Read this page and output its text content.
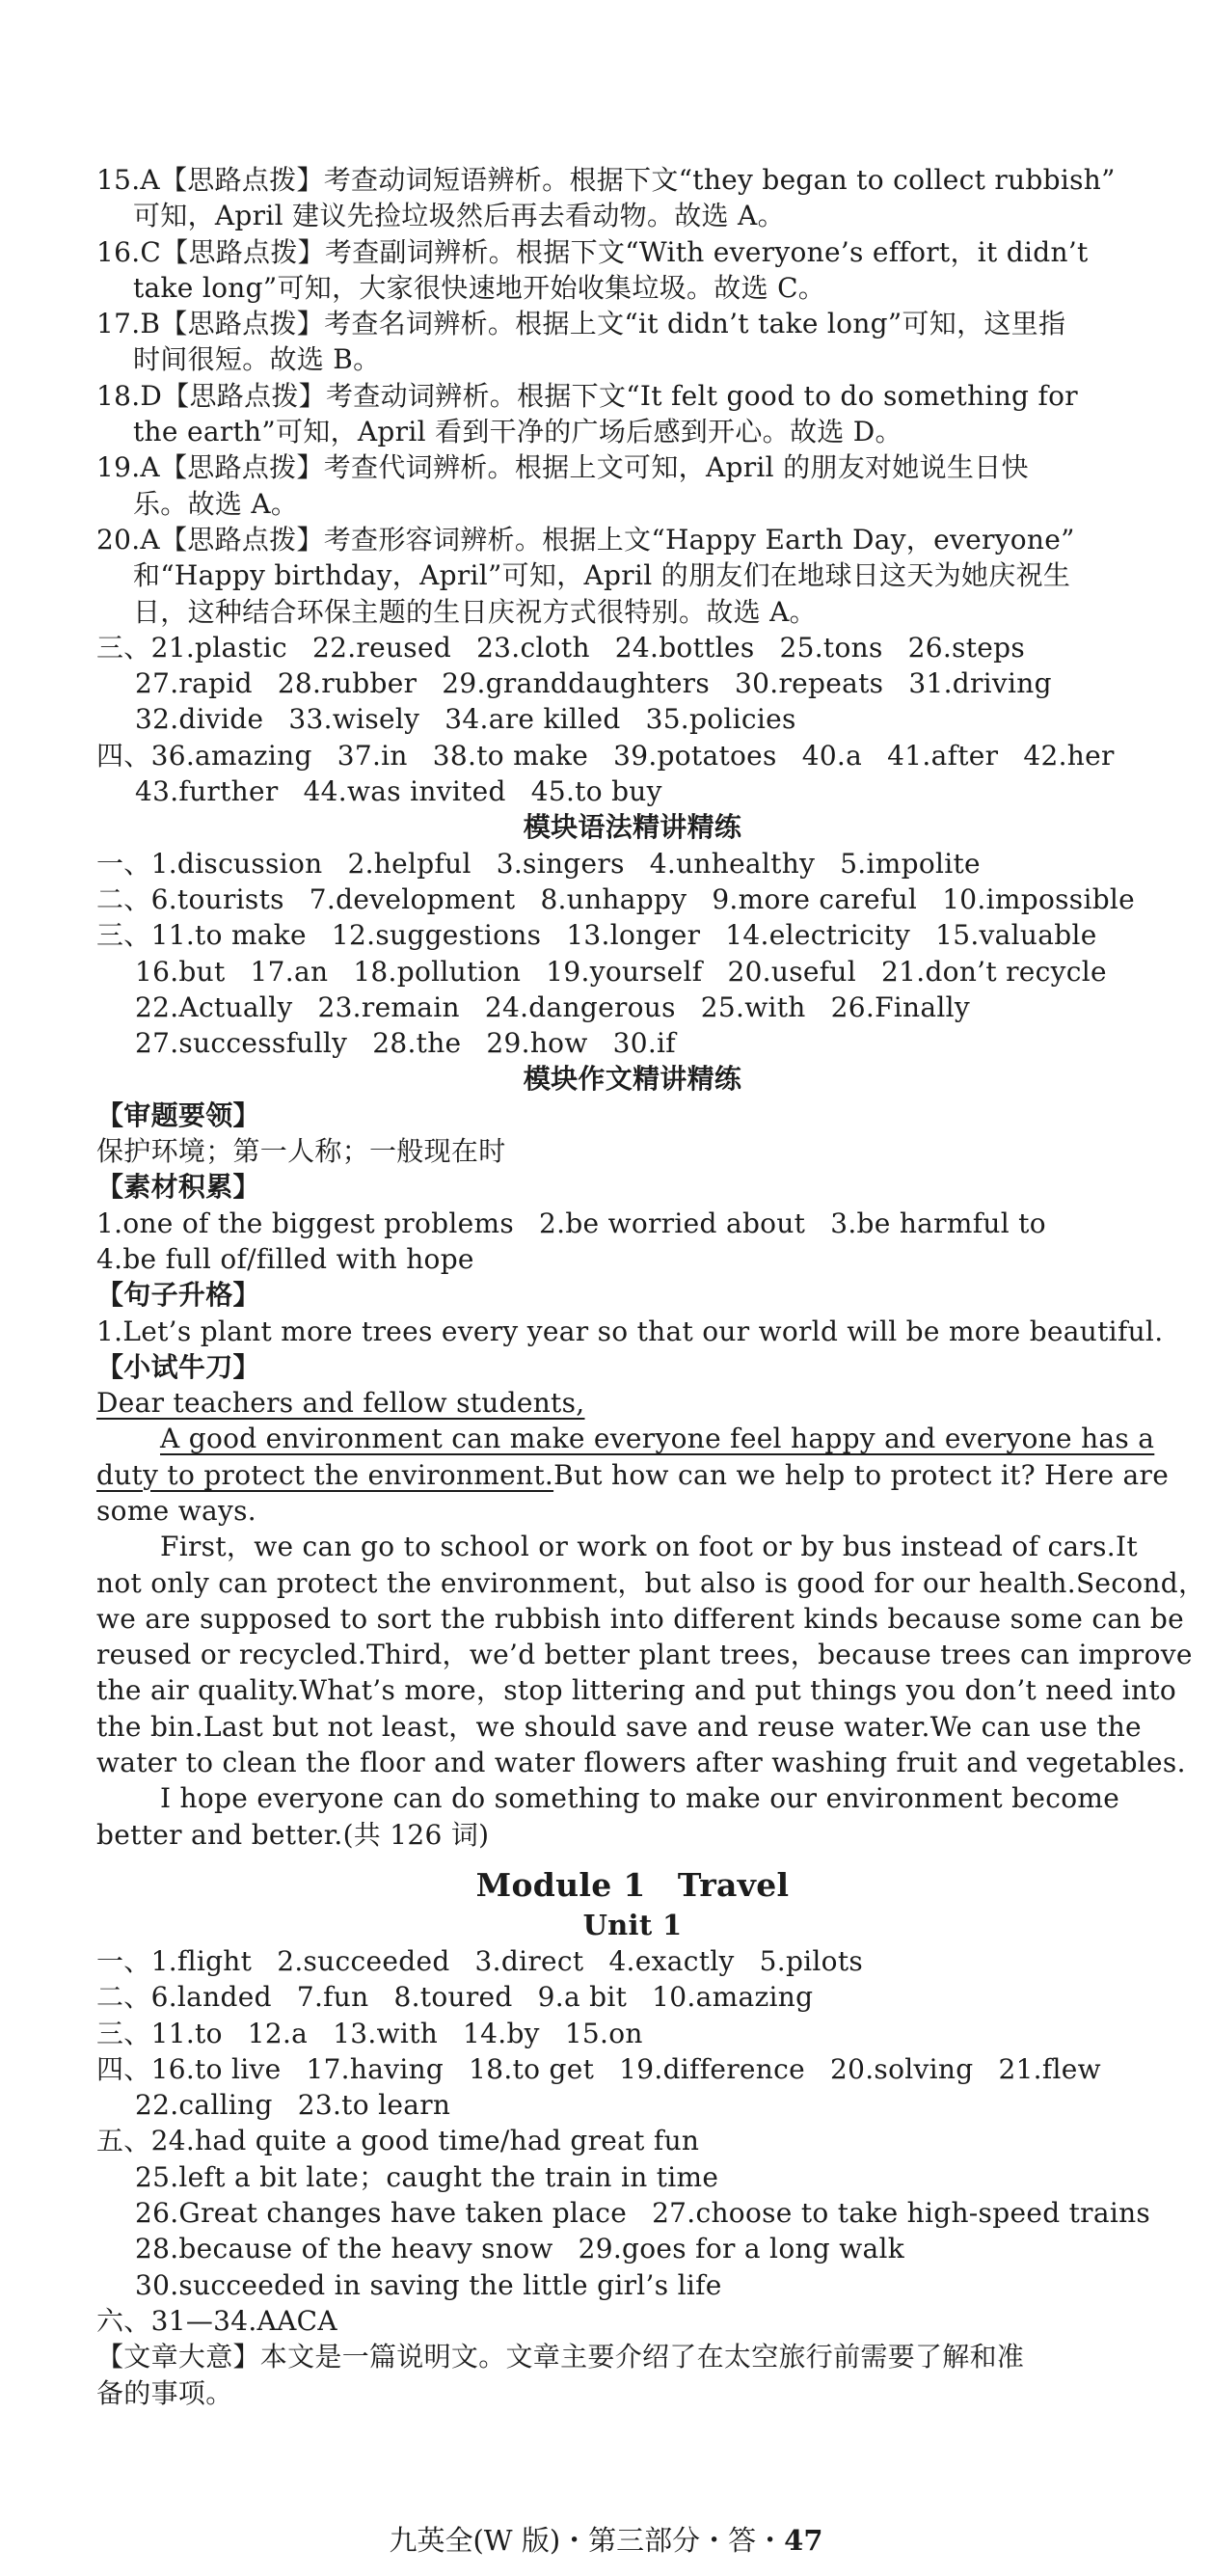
15.A【思路点拨】考查动词短语辨析。根据下文“they began to collect rubbish”
可知，April 建议先捡垃圾然后再去看动物。故选 A。
16.C【思路点拨】考查副词辨析。根据下文“With everyone’s effort，it didn’t
take long”可知，大家很快速地开始收集垃圾。故选 C。
17.B【思路点拨】考查名词辨析。根据上文“it didn’t take long”可知，这里指
时间很短。故选 B。
18.D【思路点拨】考查动词辨析。根据下文“It felt good to do something for
the earth”可知，April 看到干净的广场后感到开心。故选 D。
19.A【思路点拨】考查代词辨析。根据上文可知，April 的朋友对她说生日快
乐。故选 A。
20.A【思路点拨】考查形容词辨析。根据上文“Happy Earth Day，everyone”
和“Happy birthday，April”可知，April 的朋友们在地球日这天为她庆祝生
日，这种结合环保主题的生日庆祝方式很特别。故选 A。
三、21.plastic 22.reused 23.cloth 24.bottles 25.tons 26.steps
27.rapid 28.rubber 29.granddaughters 30.repeats 31.driving
32.divide 33.wisely 34.are killed 35.policies
四、36.amazing 37.in 38.to make 39.potatoes 40.a 41.after 42.her
43.further 44.was invited 45.to buy
模块语法精讲精练
一、1.discussion 2.helpful 3.singers 4.unhealthy 5.impolite
二、6.tourists 7.development 8.unhappy 9.more careful 10.impossible
三、11.to make 12.suggestions 13.longer 14.electricity 15.valuable
16.but 17.an 18.pollution 19.yourself 20.useful 21.don’t recycle
22.Actually 23.remain 24.dangerous 25.with 26.Finally
27.successfully 28.the 29.how 30.if
模块作文精讲精练
【审题要领】
保护环境；第一人称；一般现在时
【素材积累】
1.one of the biggest problems 2.be worried about 3.be harmful to
4.be full of/filled with hope
【句子升格】
1.Let’s plant more trees every year so that our world will be more beautiful.
【小试牛刀】
Dear teachers and fellow students,
A good environment can make everyone feel happy and everyone has a
duty to protect the environment.But how can we help to protect it? Here are
some ways.
First，we can go to school or work on foot or by bus instead of cars.It
not only can protect the environment，but also is good for our health.Second，
we are supposed to sort the rubbish into different kinds because some can be
reused or recycled.Third，we’d better plant trees，because trees can improve
the air quality.What’s more，stop littering and put things you don’t need into
the bin.Last but not least，we should save and reuse water.We can use the
water to clean the floor and water flowers after washing fruit and vegetables.
I hope everyone can do something to make our environment become
better and better.(共 126 词)
Module 1　Travel
Unit 1
一、1.flight 2.succeeded 3.direct 4.exactly 5.pilots
二、6.landed 7.fun 8.toured 9.a bit 10.amazing
三、11.to 12.a 13.with 14.by 15.on
四、16.to live 17.having 18.to get 19.difference 20.solving 21.flew
22.calling 23.to learn
五、24.had quite a good time/had great fun
25.left a bit late；caught the train in time
26.Great changes have taken place 27.choose to take high-speed trains
28.because of the heavy snow 29.goes for a long walk
30.succeeded in saving the little girl’s life
六、31—34.AACA
【文章大意】本文是一篇说明文。文章主要介绍了在太空旅行前需要了解和准
备的事项。
九英全(W 版)・第三部分・答・47
